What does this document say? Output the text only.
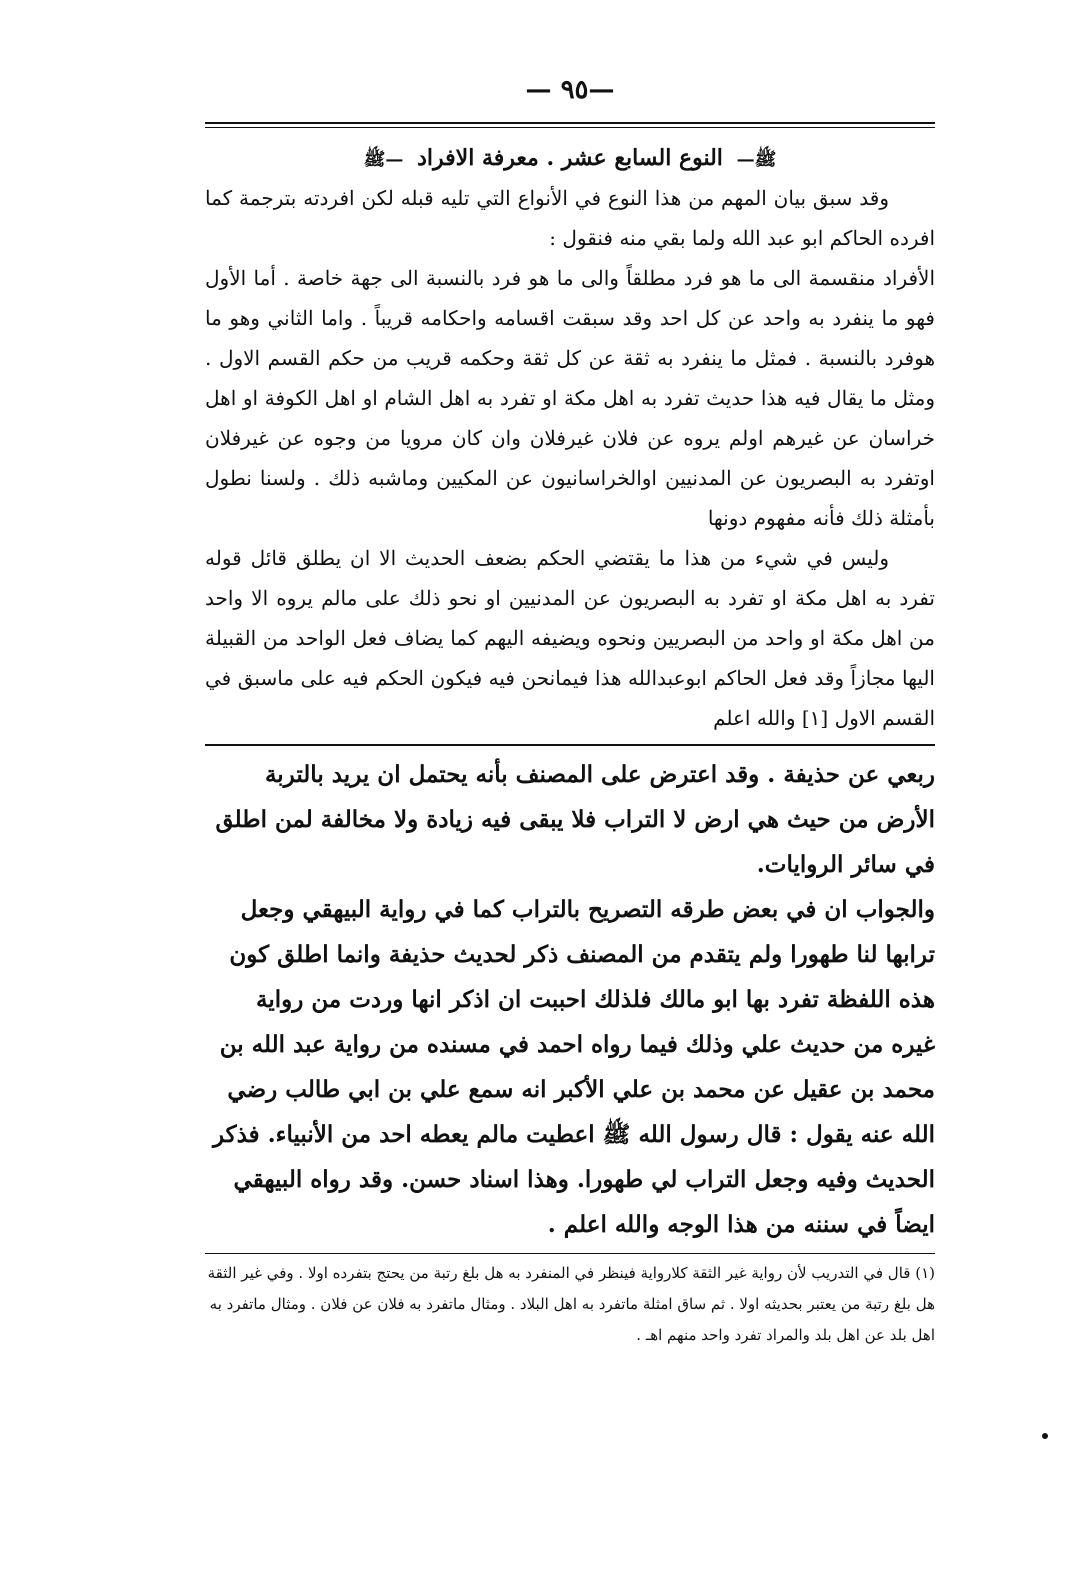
—٩٥ —
ﷺ— النوع السابع عشر . معرفة الافراد —ﷺ

وقد سبق بيان المهم من هذا النوع في الأنواع التي تليه قبله لكن افردته بترجمة كما افرده الحاكم ابو عبد الله ولما بقي منه فنقول :

الأفراد منقسمة الى ما هو فرد مطلقاً والى ما هو فرد بالنسبة الى جهة خاصة . أما الأول فهو ما ينفرد به واحد عن كل احد وقد سبقت اقسامه واحكامه قريباً . واما الثاني وهو ما هوفرد بالنسبة . فمثل ما ينفرد به ثقة عن كل ثقة وحكمه قريب من حكم القسم الاول . ومثل ما يقال فيه هذا حديث تفرد به اهل مكة او تفرد به اهل الشام او اهل الكوفة او اهل خراسان عن غيرهم اولم يروه عن فلان غيرفلان وان كان مرويا من وجوه عن غيرفلان اوتفرد به البصريون عن المدنيين اوالخراسانيون عن المكيين وماشبه ذلك . ولسنا نطول بأمثلة ذلك فأنه مفهوم دونها

وليس في شيء من هذا ما يقتضي الحكم بضعف الحديث الا ان يطلق قائل قوله تفرد به اهل مكة او تفرد به البصريون عن المدنيين او نحو ذلك على مالم يروه الا واحد من اهل مكة او واحد من البصريين ونحوه ويضيفه اليهم كما يضاف فعل الواحد من القبيلة اليها مجازاً وقد فعل الحاكم ابوعبدالله هذا فيمانحن فيه فيكون الحكم فيه على ماسبق في القسم الاول [١] والله اعلم

ربعي عن حذيفة . وقد اعترض على المصنف بأنه يحتمل ان يريد بالتربة الأرض من حيث هي ارض لا التراب فلا يبقى فيه زيادة ولا مخالفة لمن اطلق في سائر الروايات.

والجواب ان في بعض طرقه التصريح بالتراب كما في رواية البيهقي وجعل ترابها لنا طهورا ولم يتقدم من المصنف ذكر لحديث حذيفة وانما اطلق كون هذه اللفظة تفرد بها ابو مالك فلذلك احببت ان اذكر انها وردت من رواية غيره من حديث علي وذلك فيما رواه احمد في مسنده من رواية عبد الله بن محمد بن عقيل عن محمد بن علي الأكبر انه سمع علي بن ابي طالب رضي الله عنه يقول : قال رسول الله ﷺ اعطيت مالم يعطه احد من الأنبياء. فذكر الحديث وفيه وجعل التراب لي طهورا. وهذا اسناد حسن. وقد رواه البيهقي ايضاً في سننه من هذا الوجه والله اعلم .

(١) قال في التدريب لأن رواية غير الثقة كلارواية فينظر في المنفرد به هل بلغ رتبة من يحتج بتفرده اولا . وفي غير الثقة هل بلغ رتبة من يعتبر بحديثه اولا . ثم ساق امثلة ماتفرد به اهل البلاد . ومثال ماتفرد به فلان عن فلان . ومثال ماتفرد به اهل بلد عن اهل بلد والمراد تفرد واحد منهم اهـ .
